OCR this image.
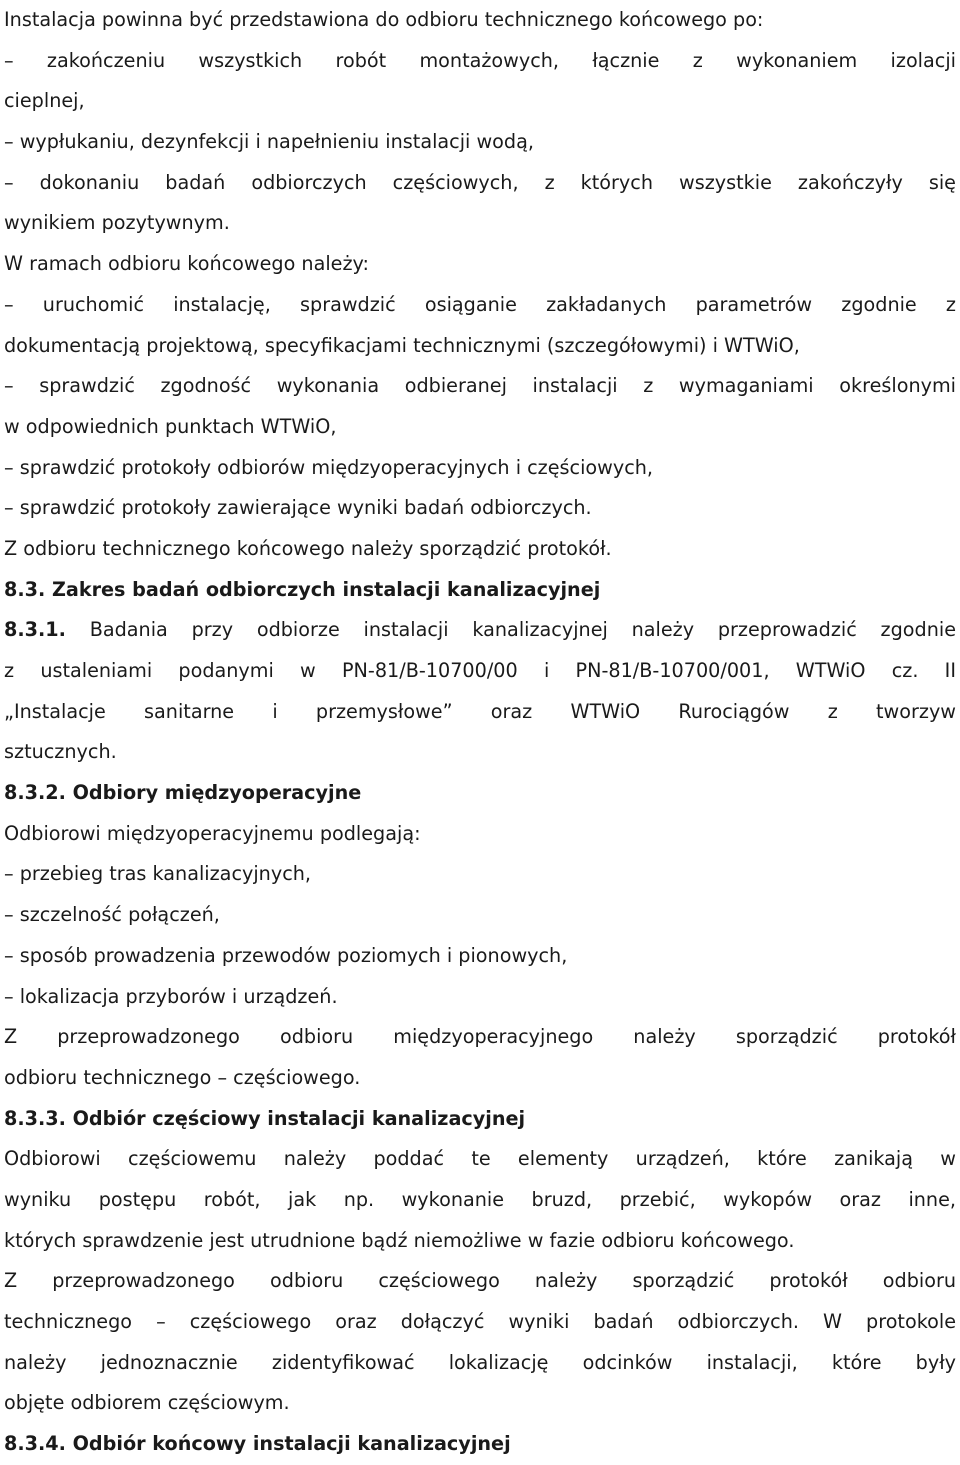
Instalacja powinna być przedstawiona do odbioru technicznego końcowego po:
– zakończeniu wszystkich robót montażowych, łącznie z wykonaniem izolacji
cieplnej,
– wypłukaniu, dezynfekcji i napełnieniu instalacji wodą,
– dokonaniu badań odbiorczych częściowych, z których wszystkie zakończyły się
wynikiem pozytywnym.
W ramach odbioru końcowego należy:
– uruchomić instalację, sprawdzić osiąganie zakładanych parametrów zgodnie z
dokumentacją projektową, specyfikacjami technicznymi (szczegółowymi) i WTWiO,
– sprawdzić zgodność wykonania odbieranej instalacji z wymaganiami określonymi
w odpowiednich punktach WTWiO,
– sprawdzić protokoły odbiorów międzyoperacyjnych i częściowych,
– sprawdzić protokoły zawierające wyniki badań odbiorczych.
Z odbioru technicznego końcowego należy sporządzić protokół.
8.3. Zakres badań odbiorczych instalacji kanalizacyjnej
8.3.1. Badania przy odbiorze instalacji kanalizacyjnej należy przeprowadzić zgodnie
z ustaleniami podanymi w PN-81/B-10700/00 i PN-81/B-10700/001, WTWiO cz. II
„Instalacje sanitarne i przemysłowe” oraz WTWiO Rurociągów z tworzyw
sztucznych.
8.3.2. Odbiory międzyoperacyjne
Odbiorowi międzyoperacyjnemu podlegają:
– przebieg tras kanalizacyjnych,
– szczelność połączeń,
– sposób prowadzenia przewodów poziomych i pionowych,
– lokalizacja przyborów i urządzeń.
Z przeprowadzonego odbioru międzyoperacyjnego należy sporządzić protokół
odbioru technicznego – częściowego.
8.3.3. Odbiór częściowy instalacji kanalizacyjnej
Odbiorowi częściowemu należy poddać te elementy urządzeń, które zanikają w
wyniku postępu robót, jak np. wykonanie bruzd, przebić, wykopów oraz inne,
których sprawdzenie jest utrudnione bądź niemożliwe w fazie odbioru końcowego.
Z przeprowadzonego odbioru częściowego należy sporządzić protokół odbioru
technicznego – częściowego oraz dołączyć wyniki badań odbiorczych. W protokole
należy jednoznacznie zidentyfikować lokalizację odcinków instalacji, które były
objęte odbiorem częściowym.
8.3.4. Odbiór końcowy instalacji kanalizacyjnej
